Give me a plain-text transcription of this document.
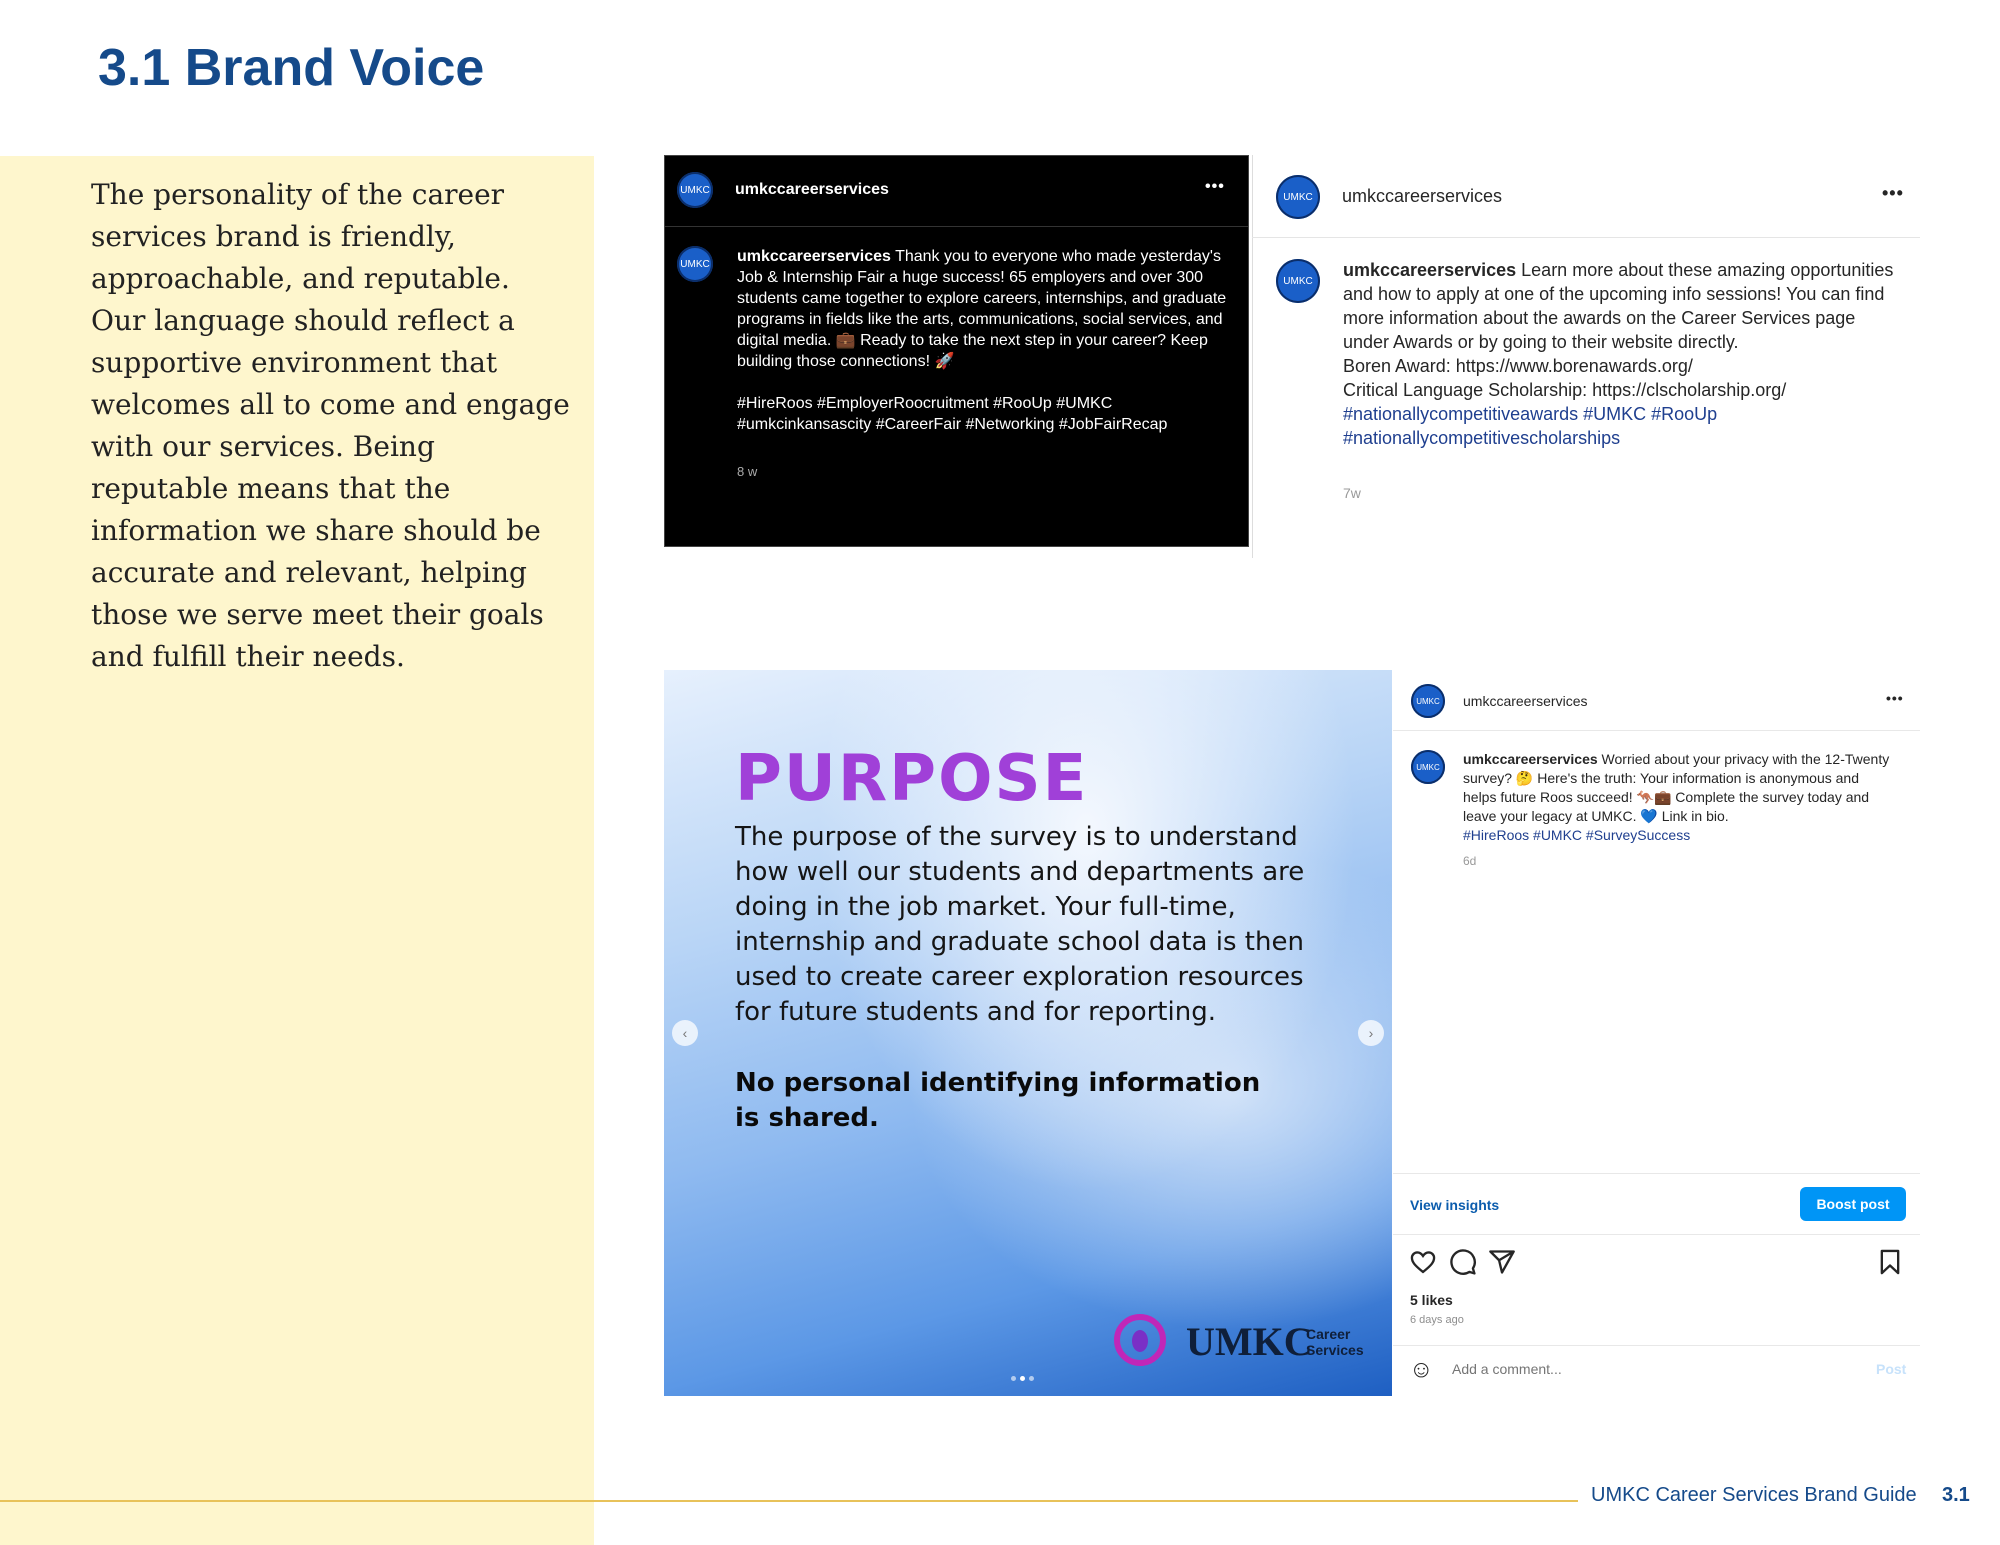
3.1 Brand Voice

The personality of the career services brand is friendly, approachable, and reputable. Our language should reflect a supportive environment that welcomes all to come and engage with our services. Being reputable means that the information we share should be accurate and relevant, helping those we serve meet their goals and fulfill their needs.

UMKC umkccareerservices	•••
UMKC umkccareerservices Thank you to everyone who made yesterday's Job & Internship Fair a huge success! 65 employers and over 300 students came together to explore careers, internships, and graduate programs in fields like the arts, communications, social services, and digital media. 💼 Ready to take the next step in your career? Keep building those connections! 🚀
#HireRoos #EmployerRoocruitment #RooUp #UMKC #umkcinkansascity #CareerFair #Networking #JobFairRecap
8 w
UMKC	umkccareerservices	•••
UMKC
umkccareerservices Learn more about these amazing opportunities and how to apply at one of the upcoming info sessions! You can find more information about the awards on the Career Services page under Awards or by going to their website directly.
Boren Award: https://www.borenawards.org/
Critical Language Scholarship: https://clscholarship.org/
#nationallycompetitiveawards #UMKC #RooUp
#nationallycompetitivescholarships
7w
PURPOSE
The purpose of the survey is to understand how well our students and departments are doing in the job market. Your full-time, internship and graduate school data is then used to create career exploration resources for future students and for reporting.
No personal identifying information is shared.
‹	›
UMKC
Career
Services
UMKC	umkccareerservices	•••
UMKC	umkccareerservices Worried about your privacy with the 12-Twenty survey? 🤔 Here's the truth: Your information is anonymous and helps future Roos succeed! 🦘💼 Complete the survey today and leave your legacy at UMKC. 💙 Link in bio.
#HireRoos #UMKC #SurveySuccess
6d
View insights	Boost post
5 likes
6 days ago
☺
Add a comment...	Post
UMKC Career Services Brand Guide 3.1
